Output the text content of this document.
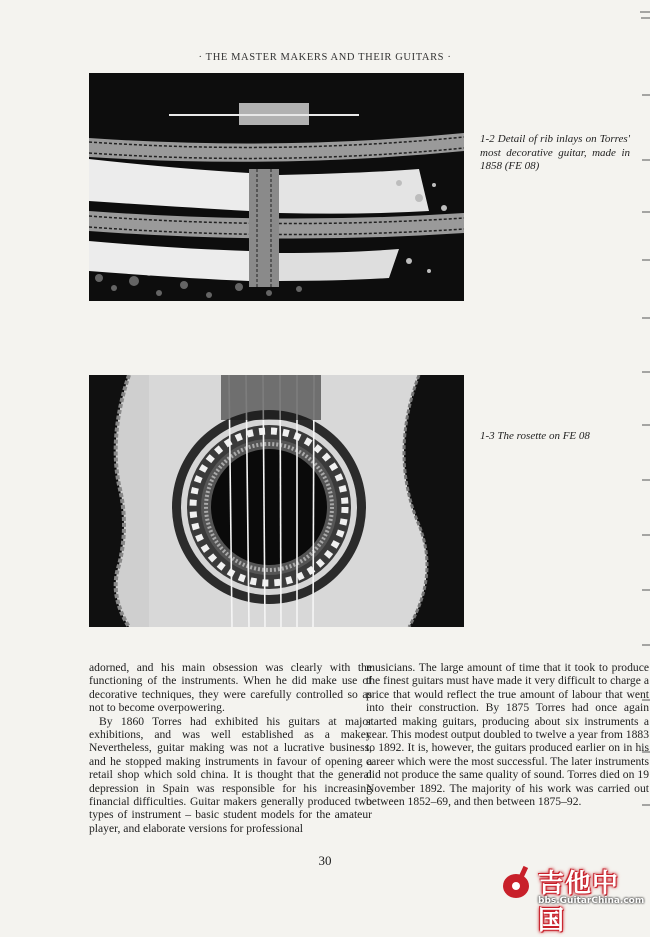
· THE MASTER MAKERS AND THEIR GUITARS ·
1-2 Detail of rib inlays on Torres' most decorative guitar, made in 1858 (FE 08)
1-3 The rosette on FE 08

adorned, and his main obsession was clearly with the functioning of the instruments. When he did make use of decorative techniques, they were carefully controlled so as not to become overpowering.

By 1860 Torres had exhibited his guitars at major exhibitions, and was well established as a maker. Nevertheless, guitar making was not a lucrative business, and he stopped making instruments in favour of opening a retail shop which sold china. It is thought that the general depression in Spain was responsible for his increasing financial difficulties. Guitar makers generally produced two types of instrument – basic student models for the amateur player, and elaborate versions for professional

musicians. The large amount of time that it took to produce the finest guitars must have made it very difficult to charge a price that would reflect the true amount of labour that went into their construction. By 1875 Torres had once again started making guitars, producing about six instruments a year. This modest output doubled to twelve a year from 1883 to 1892. It is, however, the guitars produced earlier on in his career which were the most successful. The later instruments did not produce the same quality of sound. Torres died on 19 November 1892. The majority of his work was carried out between 1852–69, and then between 1875–92.

30
吉他中国
bbs.GuitarChina.com
